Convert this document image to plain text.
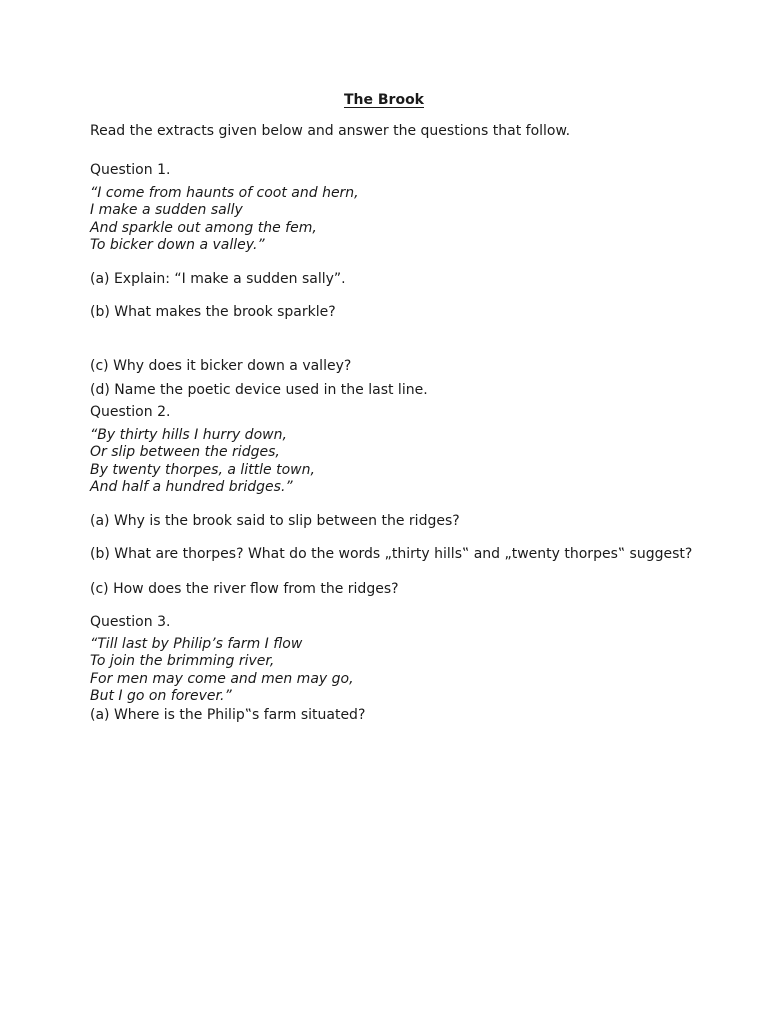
The Brook
Read the extracts given below and answer the questions that follow.
Question 1.
“I come from haunts of coot and hern,
I make a sudden sally
And sparkle out among the fem,
To bicker down a valley.”
(a) Explain: “I make a sudden sally”.
(b) What makes the brook sparkle?
(c) Why does it bicker down a valley?
(d) Name the poetic device used in the last line.
Question 2.
“By thirty hills I hurry down,
Or slip between the ridges,
By twenty thorpes, a little town,
And half a hundred bridges.”
(a) Why is the brook said to slip between the ridges?
(b) What are thorpes? What do the words „thirty hills‟ and „twenty thorpes‟ suggest?
(c) How does the river flow from the ridges?
Question 3.
“Till last by Philip’s farm I flow
To join the brimming river,
For men may come and men may go,
But I go on forever.”
(a) Where is the Philip‟s farm situated?
